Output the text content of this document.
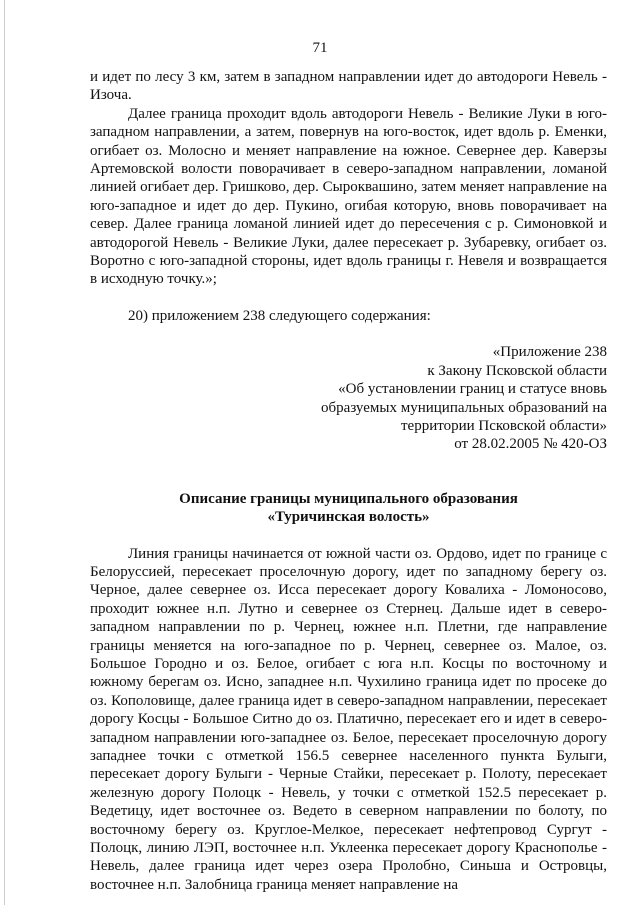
71

и идет по лесу 3 км, затем в западном направлении идет до автодороги Невель - Изоча.

Далее граница проходит вдоль автодороги Невель - Великие Луки в юго-западном направлении, а затем, повернув на юго-восток, идет вдоль р. Еменки, огибает оз. Молосно и меняет направление на южное. Севернее дер. Каверзы Артемовской волости поворачивает в северо-западном направлении, ломаной линией огибает дер. Гришково, дер. Сыроквашино, затем меняет направление на юго-западное и идет до дер. Пукино, огибая которую, вновь поворачивает на север. Далее граница ломаной линией идет до пересечения с р. Симоновкой и автодорогой Невель - Великие Луки, далее пересекает р. Зубаревку, огибает оз. Воротно с юго-западной стороны, идет вдоль границы г. Невеля и возвращается в исходную точку.»;

20) приложением 238 следующего содержания:

«Приложение 238
к Закону Псковской области
«Об установлении границ и статусе вновь
образуемых муниципальных образований на
территории Псковской области»
от 28.02.2005 № 420-ОЗ
Описание границы муниципального образования
«Туричинская волость»

Линия границы начинается от южной части оз. Ордово, идет по границе с Белоруссией, пересекает проселочную дорогу, идет по западному берегу оз. Черное, далее севернее оз. Исса пересекает дорогу Ковалиха - Ломоносово, проходит южнее н.п. Лутно и севернее оз Стернец. Дальше идет в северо-западном направлении по р. Чернец, южнее н.п. Плетни, где направление границы меняется на юго-западное по р. Чернец, севернее оз. Малое, оз. Большое Городно и оз. Белое, огибает с юга н.п. Косцы по восточному и южному берегам оз. Исно, западнее н.п. Чухилино граница идет по просеке до оз. Кополовище, далее граница идет в северо-западном направлении, пересекает дорогу Косцы - Большое Ситно до оз. Платично, пересекает его и идет в северо-западном направлении юго-западнее оз. Белое, пересекает проселочную дорогу западнее точки с отметкой 156.5 севернее населенного пункта Булыги, пересекает дорогу Булыги - Черные Стайки, пересекает р. Полоту, пересекает железную дорогу Полоцк - Невель, у точки с отметкой 152.5 пересекает р. Ведетицу, идет восточнее оз. Ведето в северном направлении по болоту, по восточному берегу оз. Круглое-Мелкое, пересекает нефтепровод Сургут - Полоцк, линию ЛЭП, восточнее н.п. Уклеенка пересекает дорогу Краснополье - Невель, далее граница идет через озера Пролобно, Синьша и Островцы, восточнее н.п. Залобница граница меняет направление на
